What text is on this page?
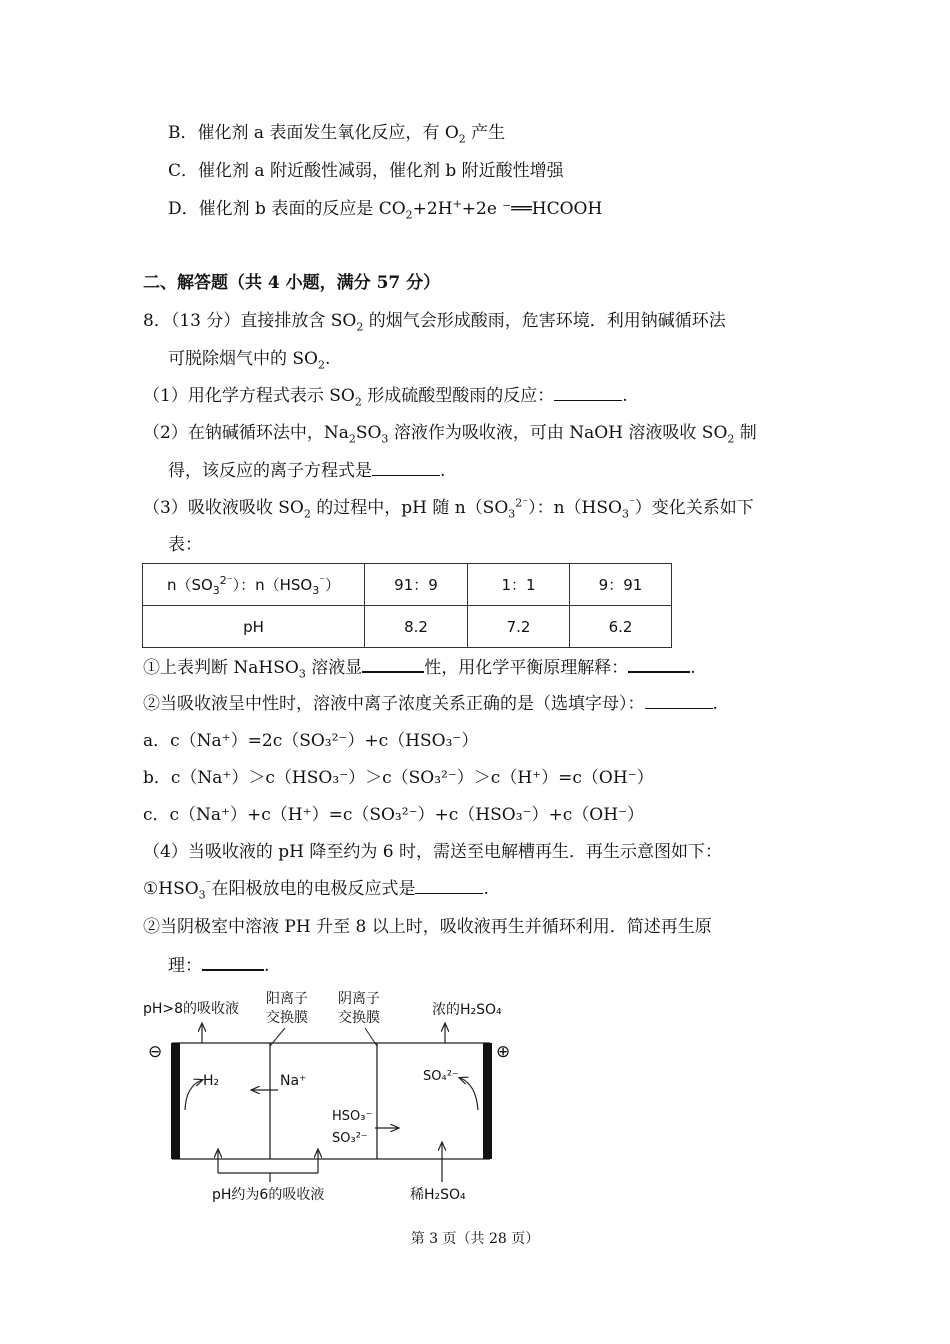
B．催化剂 a 表面发生氧化反应，有 $O_2$ 产生
C．催化剂 a 附近酸性减弱，催化剂 b 附近酸性增强
D．催化剂 b 表面的反应是 $CO_2+2H^++2e$ ⁻══HCOOH
二、解答题（共 4 小题，满分 57 分）
8．（13 分）直接排放含 $SO_2$ 的烟气会形成酸雨，危害环境．利用钠碱循环法
可脱除烟气中的 $SO_2$.
（1）用化学方程式表示 $SO_2$ 形成硫酸型酸雨的反应：	.
（2）在钠碱循环法中，$Na_2SO_3$ 溶液作为吸收液，可由 NaOH 溶液吸收 $SO_2$ 制
得，该反应的离子方程式是	.
（3）吸收液吸收 $SO_2$ 的过程中，pH 随 $n(SO_3^{2^-})$：$n(HSO_3^{^-})$变化关系如下
表：
$n(SO_3^{2^-})$：$n(HSO_3^{^-})$	91：9	1：1	9：91
pH	8.2	7.2	6.2
①上表判断 NaHSO$_3$ 溶液显	性，用化学平衡原理解释：	.
②当吸收液呈中性时，溶液中离子浓度关系正确的是（选填字母）：	.
a．c（Na⁺）=2c（SO₃²⁻）+c（HSO₃⁻）
b．c（Na⁺）＞c（HSO₃⁻）＞c（SO₃²⁻）＞c（H⁺）=c（OH⁻）
c．c（Na⁺）+c（H⁺）=c（SO₃²⁻）+c（HSO₃⁻）+c（OH⁻）
（4）当吸收液的 pH 降至约为 6 时，需送至电解槽再生．再生示意图如下：
$①HSO_3^{^-}$在阳极放电的电极反应式是	.
②当阴极室中溶液 PH 升至 8 以上时，吸收液再生并循环利用．简述再生原
理：	.
pH>8的吸收液
阳离子
交换膜
阴离子
交换膜	浓的H₂SO₄
⊖	⊕
H₂	Na⁺	SO₄²⁻
HSO₃⁻
SO₃²⁻
pH约为6的吸收液	稀H₂SO₄
第 3 页（共 28 页）
